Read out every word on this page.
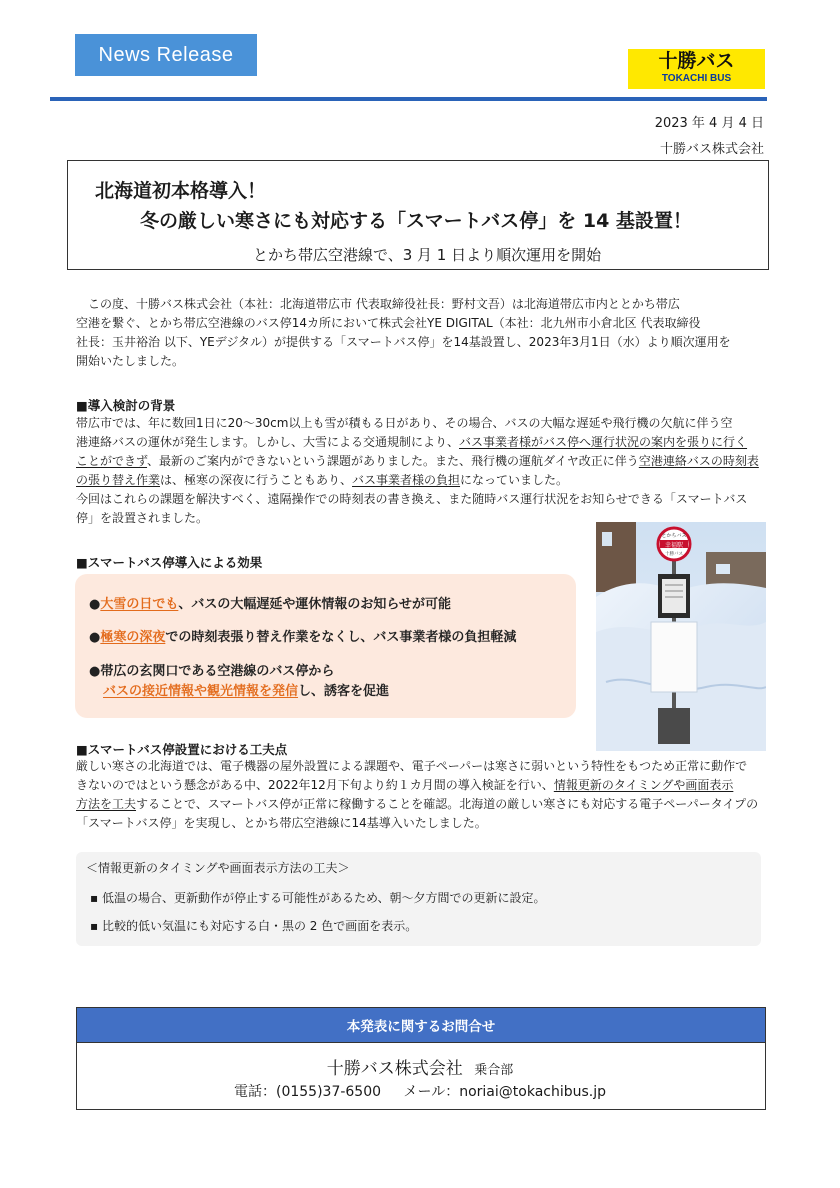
News Release	十勝バス
TOKACHI BUS
2023 年 4 月 4 日
十勝バス株式会社
北海道初本格導入！
冬の厳しい寒さにも対応する「スマートバス停」を 14 基設置！
とかち帯広空港線で、3 月 1 日より順次運用を開始
この度、十勝バス株式会社（本社：北海道帯広市 代表取締役社長：野村文吾）は北海道帯広市内ととかち帯広
空港を繋ぐ、とかち帯広空港線のバス停14カ所において株式会社YE DIGITAL（本社：北九州市小倉北区 代表取締役
社長：玉井裕治 以下、YEデジタル）が提供する「スマートバス停」を14基設置し、2023年3月1日（水）より順次運用を
開始いたしました。
■導入検討の背景
帯広市では、年に数回1日に20～30cm以上も雪が積もる日があり、その場合、バスの大幅な遅延や飛行機の欠航に伴う空
港連絡バスの運休が発生します。しかし、大雪による交通規制により、バス事業者様がバス停へ運行状況の案内を張りに行く
ことができず、最新のご案内ができないという課題がありました。また、飛行機の運航ダイヤ改正に伴う空港連絡バスの時刻表
の張り替え作業は、極寒の深夜に行うこともあり、バス事業者様の負担になっていました。
今回はこれらの課題を解決すべく、遠隔操作での時刻表の書き換え、また随時バス運行状況をお知らせできる「スマートバス
停」を設置されました。
■スマートバス停導入による効果
●大雪の日でも、バスの大幅遅延や運休情報のお知らせが可能
●極寒の深夜での時刻表張り替え作業をなくし、バス事業者様の負担軽減
●帯広の玄関口である空港線のバス停から
バスの接近情報や観光情報を発信し、誘客を促進
とかちバス
幸福駅
十勝バス
■スマートバス停設置における工夫点
厳しい寒さの北海道では、電子機器の屋外設置による課題や、電子ペーパーは寒さに弱いという特性をもつため正常に動作で
きないのではという懸念がある中、2022年12月下旬より約１カ月間の導入検証を行い、情報更新のタイミングや画面表示
方法を工夫することで、スマートバス停が正常に稼働することを確認。北海道の厳しい寒さにも対応する電子ペーパータイプの
「スマートバス停」を実現し、とかち帯広空港線に14基導入いたしました。
＜情報更新のタイミングや画面表示方法の工夫＞
▪ 低温の場合、更新動作が停止する可能性があるため、朝～夕方間での更新に設定。
▪ 比較的低い気温にも対応する白・黒の 2 色で画面を表示。
本発表に関するお問合せ
十勝バス株式会社 乗合部
電話：(0155)37-6500 メール：noriai@tokachibus.jp
